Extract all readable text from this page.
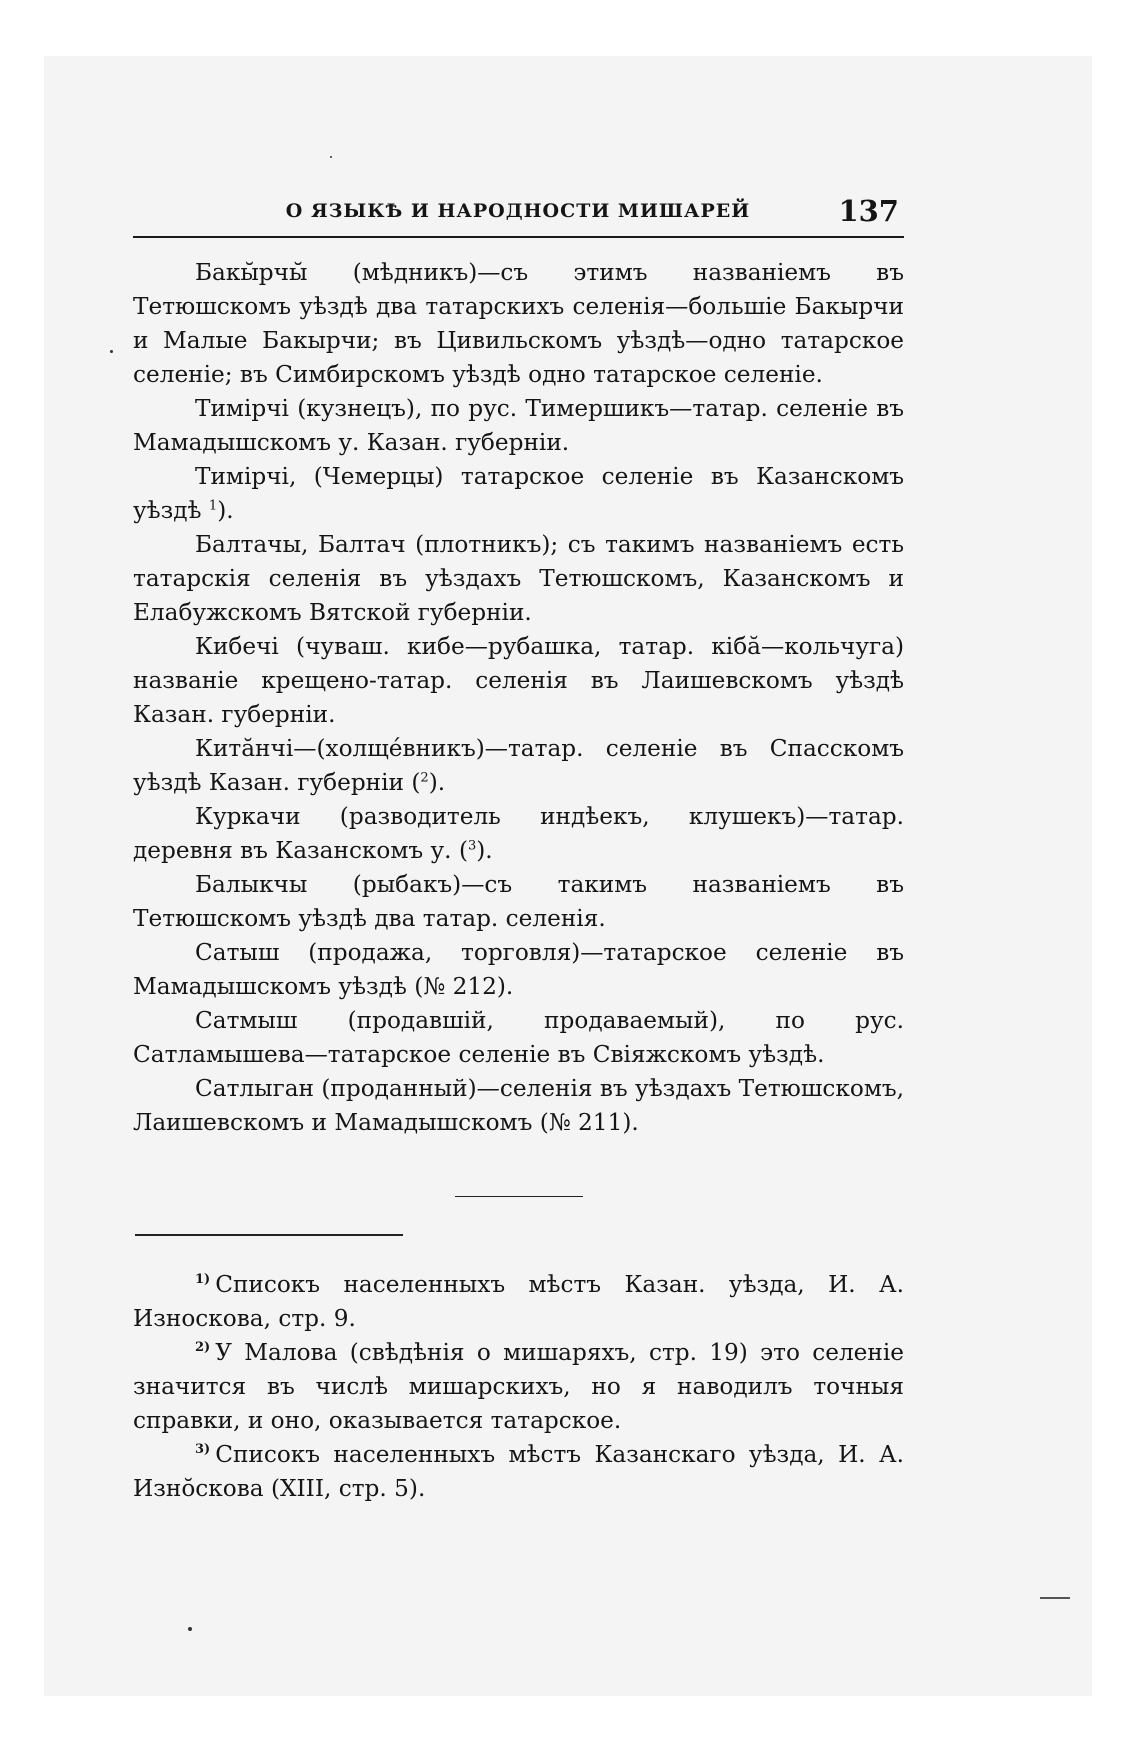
О ЯЗЫКѢ И НАРОДНОСТИ МИШАРЕЙ	137

Бакы̆рчы̆ (мѣдникъ)—съ этимъ названіемъ въ Тетюшскомъ уѣздѣ два татарскихъ селенія—большіе Бакырчи и Малые Бакырчи; въ Цивильскомъ уѣздѣ—одно татарское селеніе; въ Симбирскомъ уѣздѣ одно татарское селеніе.

Тимірчі (кузнецъ), по рус. Тимершикъ—татар. селеніе въ Мамадышскомъ у. Казан. губерніи.

Тимірчі, (Чемерцы) татарское селеніе въ Казанскомъ уѣздѣ $^1$).

Балтачы, Балтач (плотникъ); съ такимъ названіемъ есть татарскія селенія въ уѣздахъ Тетюшскомъ, Казанскомъ и Елабужскомъ Вятской губерніи.

Кибечі (чуваш. кибе—рубашка, татар. кібă—кольчуга) названіе крещено-татар. селенія въ Лаишевскомъ уѣздѣ Казан. губерніи.

Китăнчі—(холще́вникъ)—татар. селеніе въ Спасскомъ уѣздѣ Казан. губерніи ($^2$).

Куркачи (разводитель индѣекъ, клушекъ)—татар. деревня въ Казанскомъ у. ($^3$).

Балыкчы (рыбакъ)—съ такимъ названіемъ въ Тетюшскомъ уѣздѣ два татар. селенія.

Сатыш (продажа, торговля)—татарское селеніе въ Мамадышскомъ уѣздѣ (№ 212).

Сатмыш (продавшій, продаваемый), по рус. Сатламышева—татарское селеніе въ Свіяжскомъ уѣздѣ.

Сатлыган (проданный)—селенія въ уѣздахъ Тетюшскомъ, Лаишевскомъ и Мамадышскомъ (№ 211).

$^{1)}$ Списокъ населенныхъ мѣстъ Казан. уѣзда, И. А. Износкова, стр. 9.

$^{2)}$ У Малова (свѣдѣнія о мишаряхъ, стр. 19) это селеніе значится въ числѣ мишарскихъ, но я наводилъ точныя справки, и оно, оказывается татарское.

$^{3)}$ Списокъ населенныхъ мѣстъ Казанскаго уѣзда, И. А. Изно̆скова (XIII, стр. 5).
